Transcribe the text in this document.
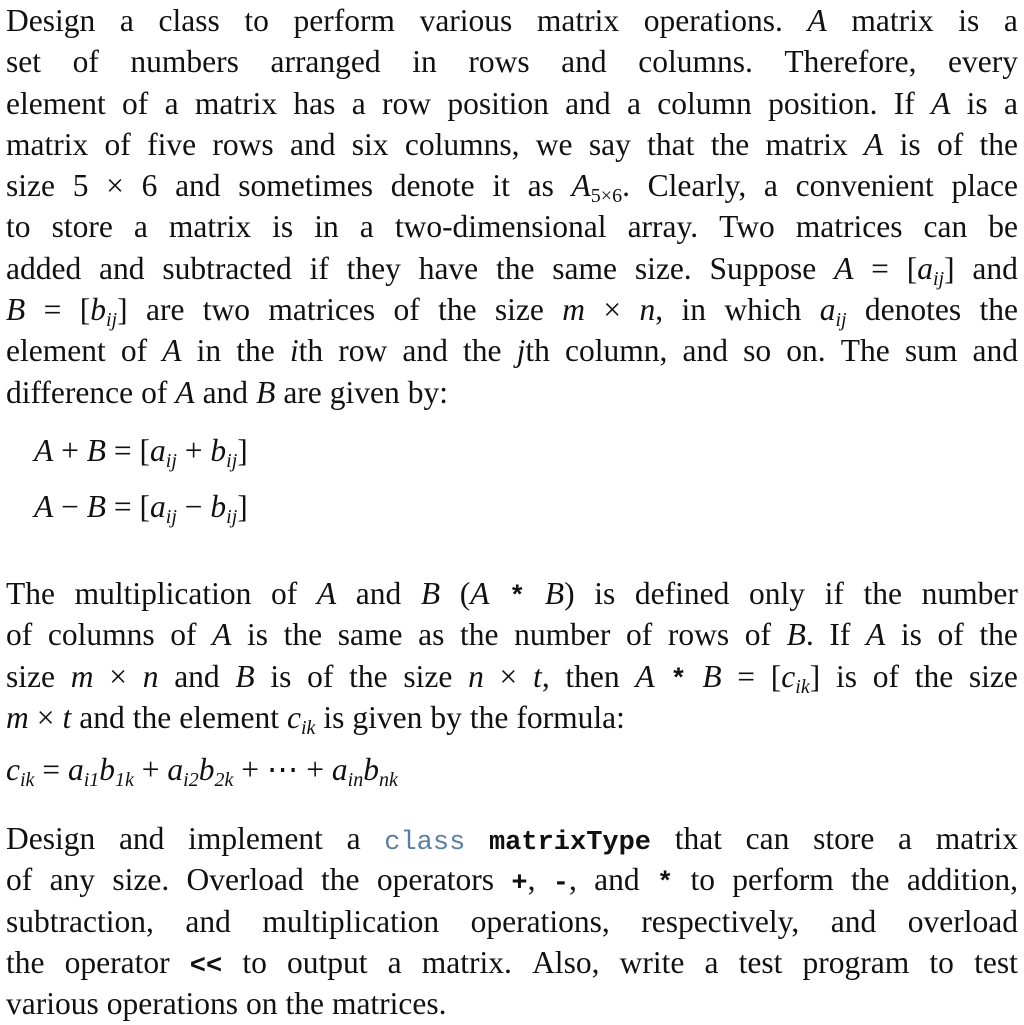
Design a class to perform various matrix operations. A matrix is a
set of numbers arranged in rows and columns. Therefore, every
element of a matrix has a row position and a column position. If A is a
matrix of five rows and six columns, we say that the matrix A is of the
size 5 × 6 and sometimes denote it as A5×6. Clearly, a convenient place
to store a matrix is in a two-dimensional array. Two matrices can be
added and subtracted if they have the same size. Suppose A = [aij] and
B = [bij] are two matrices of the size m × n, in which aij denotes the
element of A in the ith row and the jth column, and so on. The sum and
difference of A and B are given by:
A + B = [aij + bij]
A − B = [aij − bij]
The multiplication of A and B (A * B) is defined only if the number
of columns of A is the same as the number of rows of B. If A is of the
size m × n and B is of the size n × t, then A * B = [cik] is of the size
m × t and the element cik is given by the formula:
cik = ai1b1k + ai2b2k + ⋯ + ainbnk
Design and implement a class matrixType that can store a matrix
of any size. Overload the operators +, -, and * to perform the addition,
subtraction, and multiplication operations, respectively, and overload
the operator << to output a matrix. Also, write a test program to test
various operations on the matrices.
